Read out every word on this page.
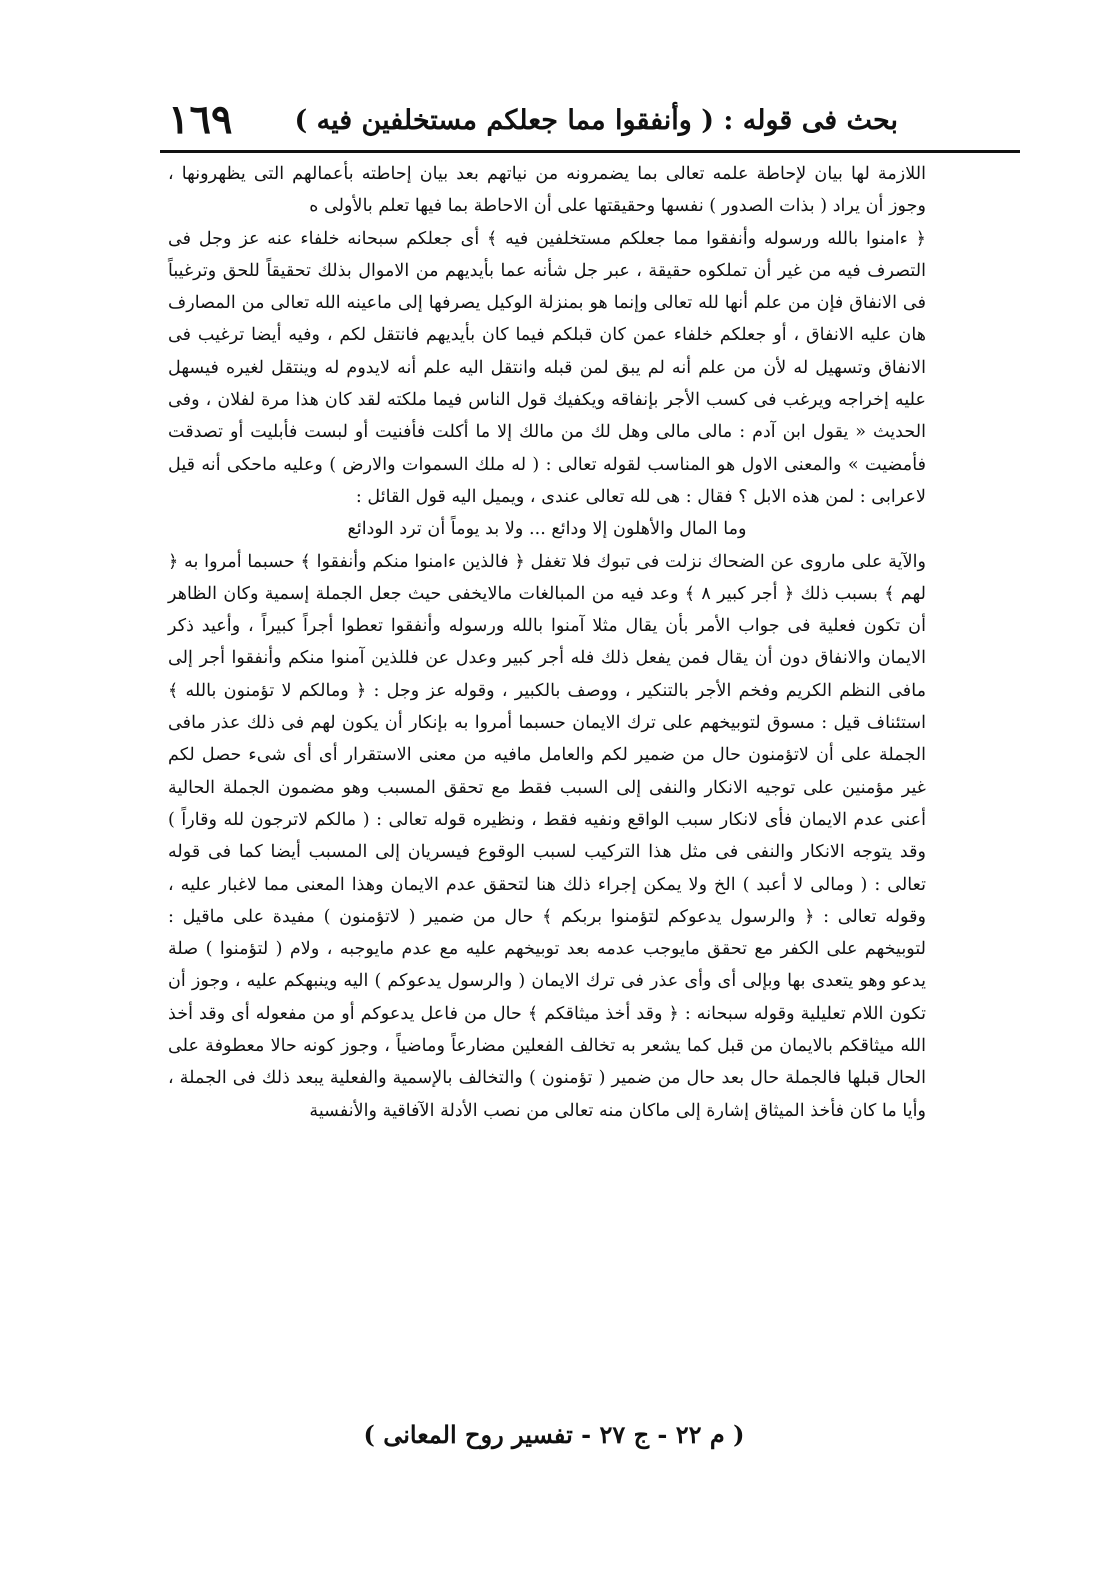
بحث فى قوله : ( وأنفقوا مما جعلكم مستخلفين فيه )
١٦٩

اللازمة لها بيان لإحاطة علمه تعالى بما يضمرونه من نياتهم بعد بيان إحاطته بأعمالهم التى يظهرونها ، وجوز أن يراد ( بذات الصدور ) نفسها وحقيقتها على أن الاحاطة بما فيها تعلم بالأولى ه

﴿ ءامنوا بالله ورسوله وأنفقوا مما جعلكم مستخلفين فيه ﴾ أى جعلكم سبحانه خلفاء عنه عز وجل فى التصرف فيه من غير أن تملكوه حقيقة ، عبر جل شأنه عما بأيديهم من الاموال بذلك تحقيقاً للحق وترغيباً فى الانفاق فإن من علم أنها لله تعالى وإنما هو بمنزلة الوكيل يصرفها إلى ماعينه الله تعالى من المصارف هان عليه الانفاق ، أو جعلكم خلفاء عمن كان قبلكم فيما كان بأيديهم فانتقل لكم ، وفيه أيضا ترغيب فى الانفاق وتسهيل له لأن من علم أنه لم يبق لمن قبله وانتقل اليه علم أنه لايدوم له وينتقل لغيره فيسهل عليه إخراجه ويرغب فى كسب الأجر بإنفاقه ويكفيك قول الناس فيما ملكته لقد كان هذا مرة لفلان ، وفى الحديث « يقول ابن آدم : مالى مالى وهل لك من مالك إلا ما أكلت فأفنيت أو لبست فأبليت أو تصدقت فأمضيت » والمعنى الاول هو المناسب لقوله تعالى : ( له ملك السموات والارض ) وعليه ماحكى أنه قيل لاعرابى : لمن هذه الابل ؟ فقال : هى لله تعالى عندى ، ويميل اليه قول القائل :

وما المال والأهلون إلا ودائع ... ولا بد يوماً أن ترد الودائع

والآية على ماروى عن الضحاك نزلت فى تبوك فلا تغفل ﴿ فالذين ءامنوا منكم وأنفقوا ﴾ حسبما أمروا به ﴿ لهم ﴾ بسبب ذلك ﴿ أجر كبير ٨ ﴾ وعد فيه من المبالغات مالايخفى حيث جعل الجملة إسمية وكان الظاهر أن تكون فعلية فى جواب الأمر بأن يقال مثلا آمنوا بالله ورسوله وأنفقوا تعطوا أجراً كبيراً ، وأعيد ذكر الايمان والانفاق دون أن يقال فمن يفعل ذلك فله أجر كبير وعدل عن فللذين آمنوا منكم وأنفقوا أجر إلى مافى النظم الكريم وفخم الأجر بالتنكير ، ووصف بالكبير ، وقوله عز وجل : ﴿ ومالكم لا تؤمنون بالله ﴾ استئناف قيل : مسوق لتوبيخهم على ترك الايمان حسبما أمروا به بإنكار أن يكون لهم فى ذلك عذر مافى الجملة على أن لاتؤمنون حال من ضمير لكم والعامل مافيه من معنى الاستقرار أى أى شىء حصل لكم غير مؤمنين على توجيه الانكار والنفى إلى السبب فقط مع تحقق المسبب وهو مضمون الجملة الحالية أعنى عدم الايمان فأى لانكار سبب الواقع ونفيه فقط ، ونظيره قوله تعالى : ( مالكم لاترجون لله وقاراً ) وقد يتوجه الانكار والنفى فى مثل هذا التركيب لسبب الوقوع فيسريان إلى المسبب أيضا كما فى قوله تعالى : ( ومالى لا أعبد ) الخ ولا يمكن إجراء ذلك هنا لتحقق عدم الايمان وهذا المعنى مما لاغبار عليه ، وقوله تعالى : ﴿ والرسول يدعوكم لتؤمنوا بربكم ﴾ حال من ضمير ( لاتؤمنون ) مفيدة على ماقيل : لتوبيخهم على الكفر مع تحقق مايوجب عدمه بعد توبيخهم عليه مع عدم مايوجبه ، ولام ( لتؤمنوا ) صلة يدعو وهو يتعدى بها وبإلى أى وأى عذر فى ترك الايمان ( والرسول يدعوكم ) اليه وينبهكم عليه ، وجوز أن تكون اللام تعليلية وقوله سبحانه : ﴿ وقد أخذ ميثاقكم ﴾ حال من فاعل يدعوكم أو من مفعوله أى وقد أخذ الله ميثاقكم بالايمان من قبل كما يشعر به تخالف الفعلين مضارعاً وماضياً ، وجوز كونه حالا معطوفة على الحال قبلها فالجملة حال بعد حال من ضمير ( تؤمنون ) والتخالف بالإسمية والفعلية يبعد ذلك فى الجملة ، وأيا ما كان فأخذ الميثاق إشارة إلى ماكان منه تعالى من نصب الأدلة الآفاقية والأنفسية

( م ٢٢ - ج ٢٧ - تفسير روح المعانى )
